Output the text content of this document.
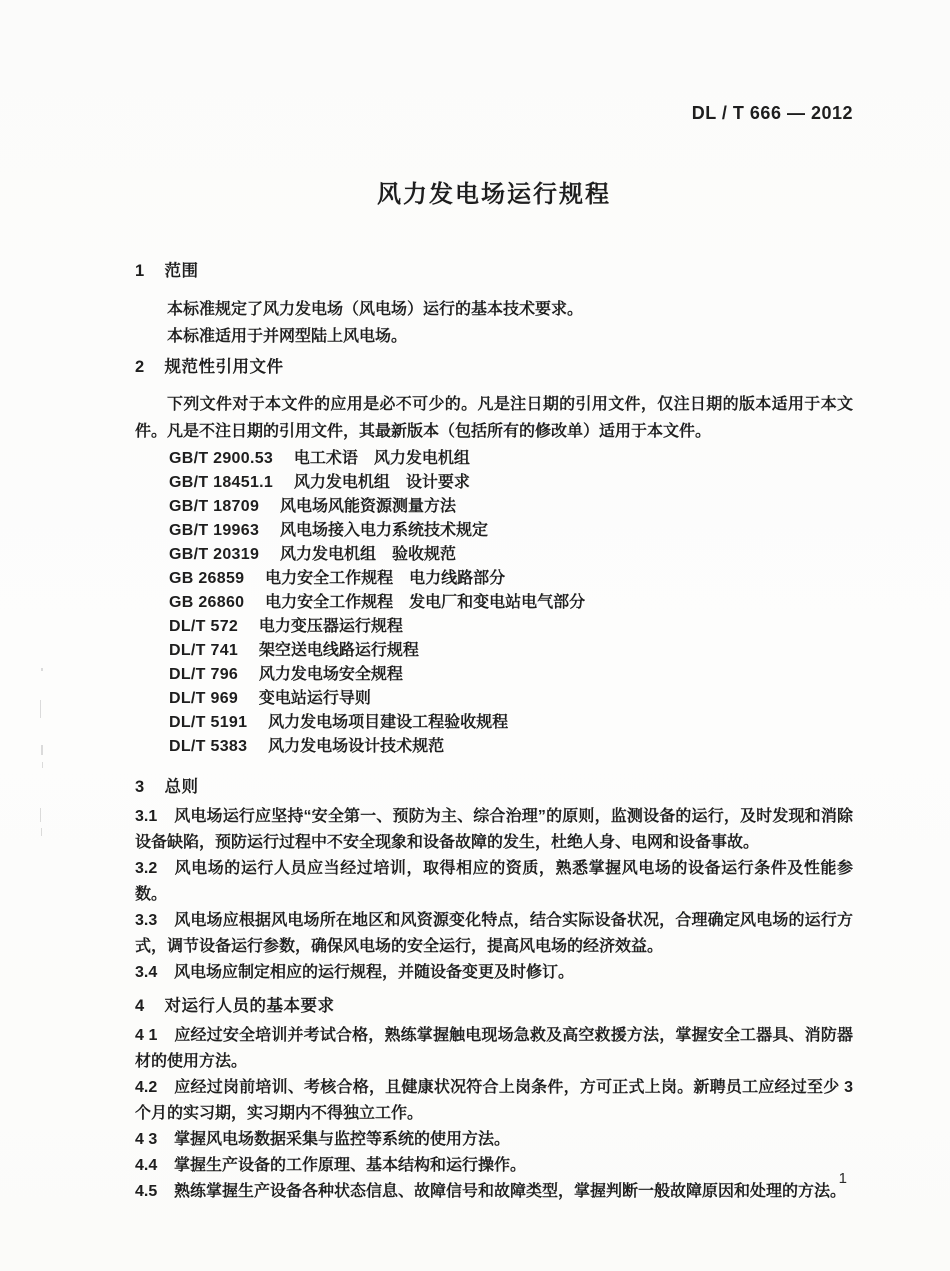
DL / T 666 — 2012
风力发电场运行规程
1 范围

本标准规定了风力发电场（风电场）运行的基本技术要求。

本标准适用于并网型陆上风电场。

2 规范性引用文件

下列文件对于本文件的应用是必不可少的。凡是注日期的引用文件，仅注日期的版本适用于本文件。凡是不注日期的引用文件，其最新版本（包括所有的修改单）适用于本文件。

GB/T 2900.53 电工术语　风力发电机组
GB/T 18451.1 风力发电机组　设计要求
GB/T 18709 风电场风能资源测量方法
GB/T 19963 风电场接入电力系统技术规定
GB/T 20319 风力发电机组　验收规范
GB 26859 电力安全工作规程　电力线路部分
GB 26860 电力安全工作规程　发电厂和变电站电气部分
DL/T 572 电力变压器运行规程
DL/T 741 架空送电线路运行规程
DL/T 796 风力发电场安全规程
DL/T 969 变电站运行导则
DL/T 5191 风力发电场项目建设工程验收规程
DL/T 5383 风力发电场设计技术规范
3 总则

3.1 风电场运行应坚持“安全第一、预防为主、综合治理”的原则，监测设备的运行，及时发现和消除设备缺陷，预防运行过程中不安全现象和设备故障的发生，杜绝人身、电网和设备事故。

3.2 风电场的运行人员应当经过培训，取得相应的资质，熟悉掌握风电场的设备运行条件及性能参数。

3.3 风电场应根据风电场所在地区和风资源变化特点，结合实际设备状况，合理确定风电场的运行方式，调节设备运行参数，确保风电场的安全运行，提高风电场的经济效益。

3.4 风电场应制定相应的运行规程，并随设备变更及时修订。

4 对运行人员的基本要求

4 1 应经过安全培训并考试合格，熟练掌握触电现场急救及高空救援方法，掌握安全工器具、消防器材的使用方法。

4.2 应经过岗前培训、考核合格，且健康状况符合上岗条件，方可正式上岗。新聘员工应经过至少 3 个月的实习期，实习期内不得独立工作。

4 3 掌握风电场数据采集与监控等系统的使用方法。

4.4 掌握生产设备的工作原理、基本结构和运行操作。

4.5 熟练掌握生产设备各种状态信息、故障信号和故障类型，掌握判断一般故障原因和处理的方法。

1
